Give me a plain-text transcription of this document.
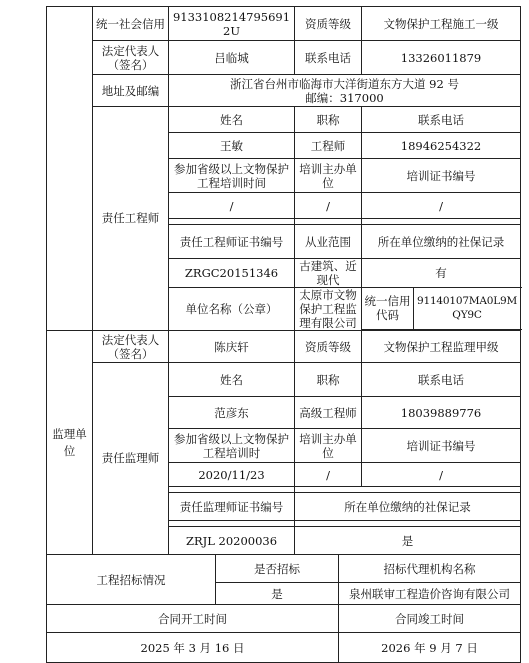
	统一社会信用	91331082147956912U		资质等级		文物保护工程施工一级	
	法定代表人（签名）	吕临城		联系电话		13326011879	
	地址及邮编	浙江省台州市临海市大洋街道东方大道 92 号
邮编：317000					

	责任工程师	姓名		职称		联系电话	
		王敏		工程师		18946254322	
		参加省级以上文物保护工程培训时间		培训主办单位		培训证书编号	
		/		/		/	

		责任工程师证书编号		从业范围		所在单位缴纳的社保记录	
		ZRGC20151346		古建筑、近现代		有	

		单位名称（公章）		太原市文物保护工程监理有限公司		统一信用代码	91140107MA0L9MQY9C

监理单位	法定代表人（签名）	陈庆轩		资质等级		文物保护工程监理甲级	
	责任监理师	姓名		职称		联系电话	
		范彦东		高级工程师		18039889776	
		参加省级以上文物保护工程培训时		培训主办单位		培训证书编号	
		2020/11/23		/		/	

		责任监理师证书编号		所在单位缴纳的社保记录			

		ZRJL 20200036		是			
工程招标情况			是否招标		招标代理机构名称		
			是		泉州联审工程造价咨询有限公司		
合同开工时间					合同竣工时间		
2025 年 3 月 16 日					2026 年 9 月 7 日		
